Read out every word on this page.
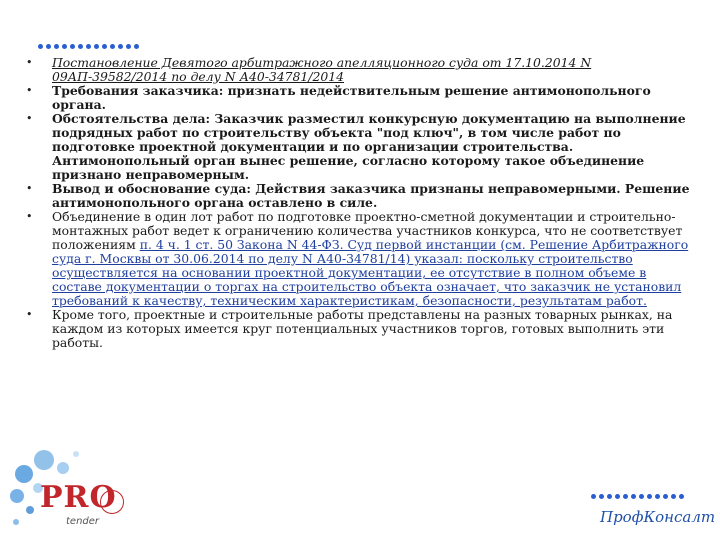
• Постановление Девятого арбитражного апелляционного суда от 17.10.2014 N 09АП-39582/2014 по делу N А40-34781/2014
• Требования заказчика: признать недействительным решение антимонопольного органа.
• Обстоятельства дела: Заказчик разместил конкурсную документацию на выполнение подрядных работ по строительству объекта "под ключ", в том числе работ по подготовке проектной документации и по организации строительства. Антимонопольный орган вынес решение, согласно которому такое объединение признано неправомерным.
• Вывод и обоснование суда: Действия заказчика признаны неправомерными. Решение антимонопольного органа оставлено в силе.
• Объединение в один лот работ по подготовке проектно-сметной документации и строительно-монтажных работ ведет к ограничению количества участников конкурса, что не соответствует положениям п. 4 ч. 1 ст. 50 Закона N 44-ФЗ. Суд первой инстанции (см. Решение Арбитражного суда г. Москвы от 30.06.2014 по делу N А40-34781/14) указал: поскольку строительство осуществляется на основании проектной документации, ее отсутствие в полном объеме в составе документации о торгах на строительство объекта означает, что заказчик не установил требований к качеству, техническим характеристикам, безопасности, результатам работ.
• Кроме того, проектные и строительные работы представлены на разных товарных рынках, на каждом из которых имеется круг потенциальных участников торгов, готовых выполнить эти работы.
PRO
tender	ПрофКонсалт
